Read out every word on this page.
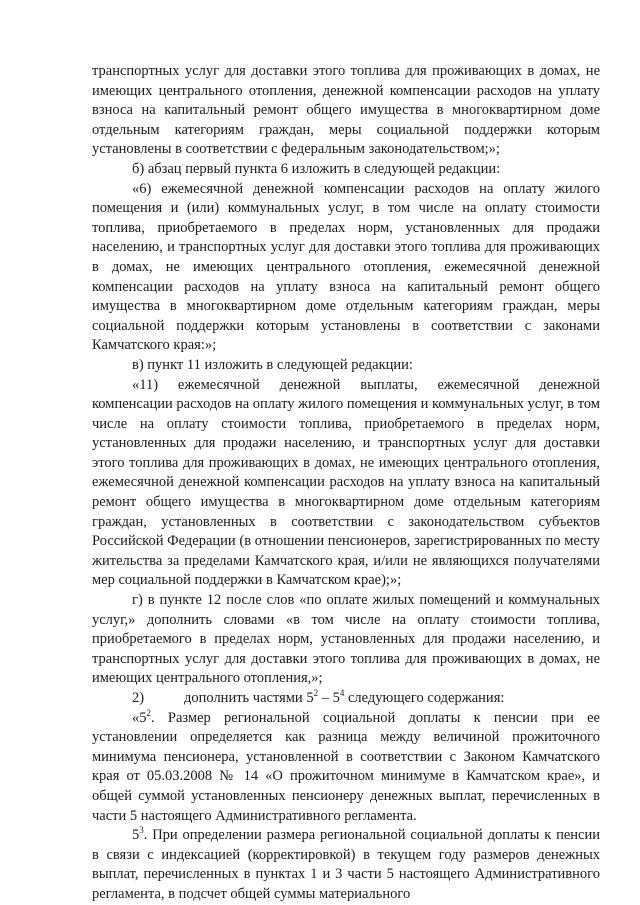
транспортных услуг для доставки этого топлива для проживающих в домах, не имеющих центрального отопления, денежной компенсации расходов на уплату взноса на капитальный ремонт общего имущества в многоквартирном доме отдельным категориям граждан, меры социальной поддержки которым установлены в соответствии с федеральным законодательством;»;

б) абзац первый пункта 6 изложить в следующей редакции:

«6) ежемесячной денежной компенсации расходов на оплату жилого помещения и (или) коммунальных услуг, в том числе на оплату стоимости топлива, приобретаемого в пределах норм, установленных для продажи населению, и транспортных услуг для доставки этого топлива для проживающих в домах, не имеющих центрального отопления, ежемесячной денежной компенсации расходов на уплату взноса на капитальный ремонт общего имущества в многоквартирном доме отдельным категориям граждан, меры социальной поддержки которым установлены в соответствии с законами Камчатского края:»;

в) пункт 11 изложить в следующей редакции:

«11) ежемесячной денежной выплаты, ежемесячной денежной компенсации расходов на оплату жилого помещения и коммунальных услуг, в том числе на оплату стоимости топлива, приобретаемого в пределах норм, установленных для продажи населению, и транспортных услуг для доставки этого топлива для проживающих в домах, не имеющих центрального отопления, ежемесячной денежной компенсации расходов на уплату взноса на капитальный ремонт общего имущества в многоквартирном доме отдельным категориям граждан, установленных в соответствии с законодательством субъектов Российской Федерации (в отношении пенсионеров, зарегистрированных по месту жительства за пределами Камчатского края, и/или не являющихся получателями мер социальной поддержки в Камчатском крае);»;

г) в пункте 12 после слов «по оплате жилых помещений и коммунальных услуг,» дополнить словами «в том числе на оплату стоимости топлива, приобретаемого в пределах норм, установленных для продажи населению, и транспортных услуг для доставки этого топлива для проживающих в домах, не имеющих центрального отопления,»;

2)	дополнить частями $5^2 - 5^4$ следующего содержания:

«$5^2$. Размер региональной социальной доплаты к пенсии при ее установлении определяется как разница между величиной прожиточного минимума пенсионера, установленной в соответствии с Законом Камчатского края от 05.03.2008 № 14 «О прожиточном минимуме в Камчатском крае», и общей суммой установленных пенсионеру денежных выплат, перечисленных в части 5 настоящего Административного регламента.

$5^3$. При определении размера региональной социальной доплаты к пенсии в связи с индексацией (корректировкой) в текущем году размеров денежных выплат, перечисленных в пунктах 1 и 3 части 5 настоящего Административного регламента, в подсчет общей суммы материального
